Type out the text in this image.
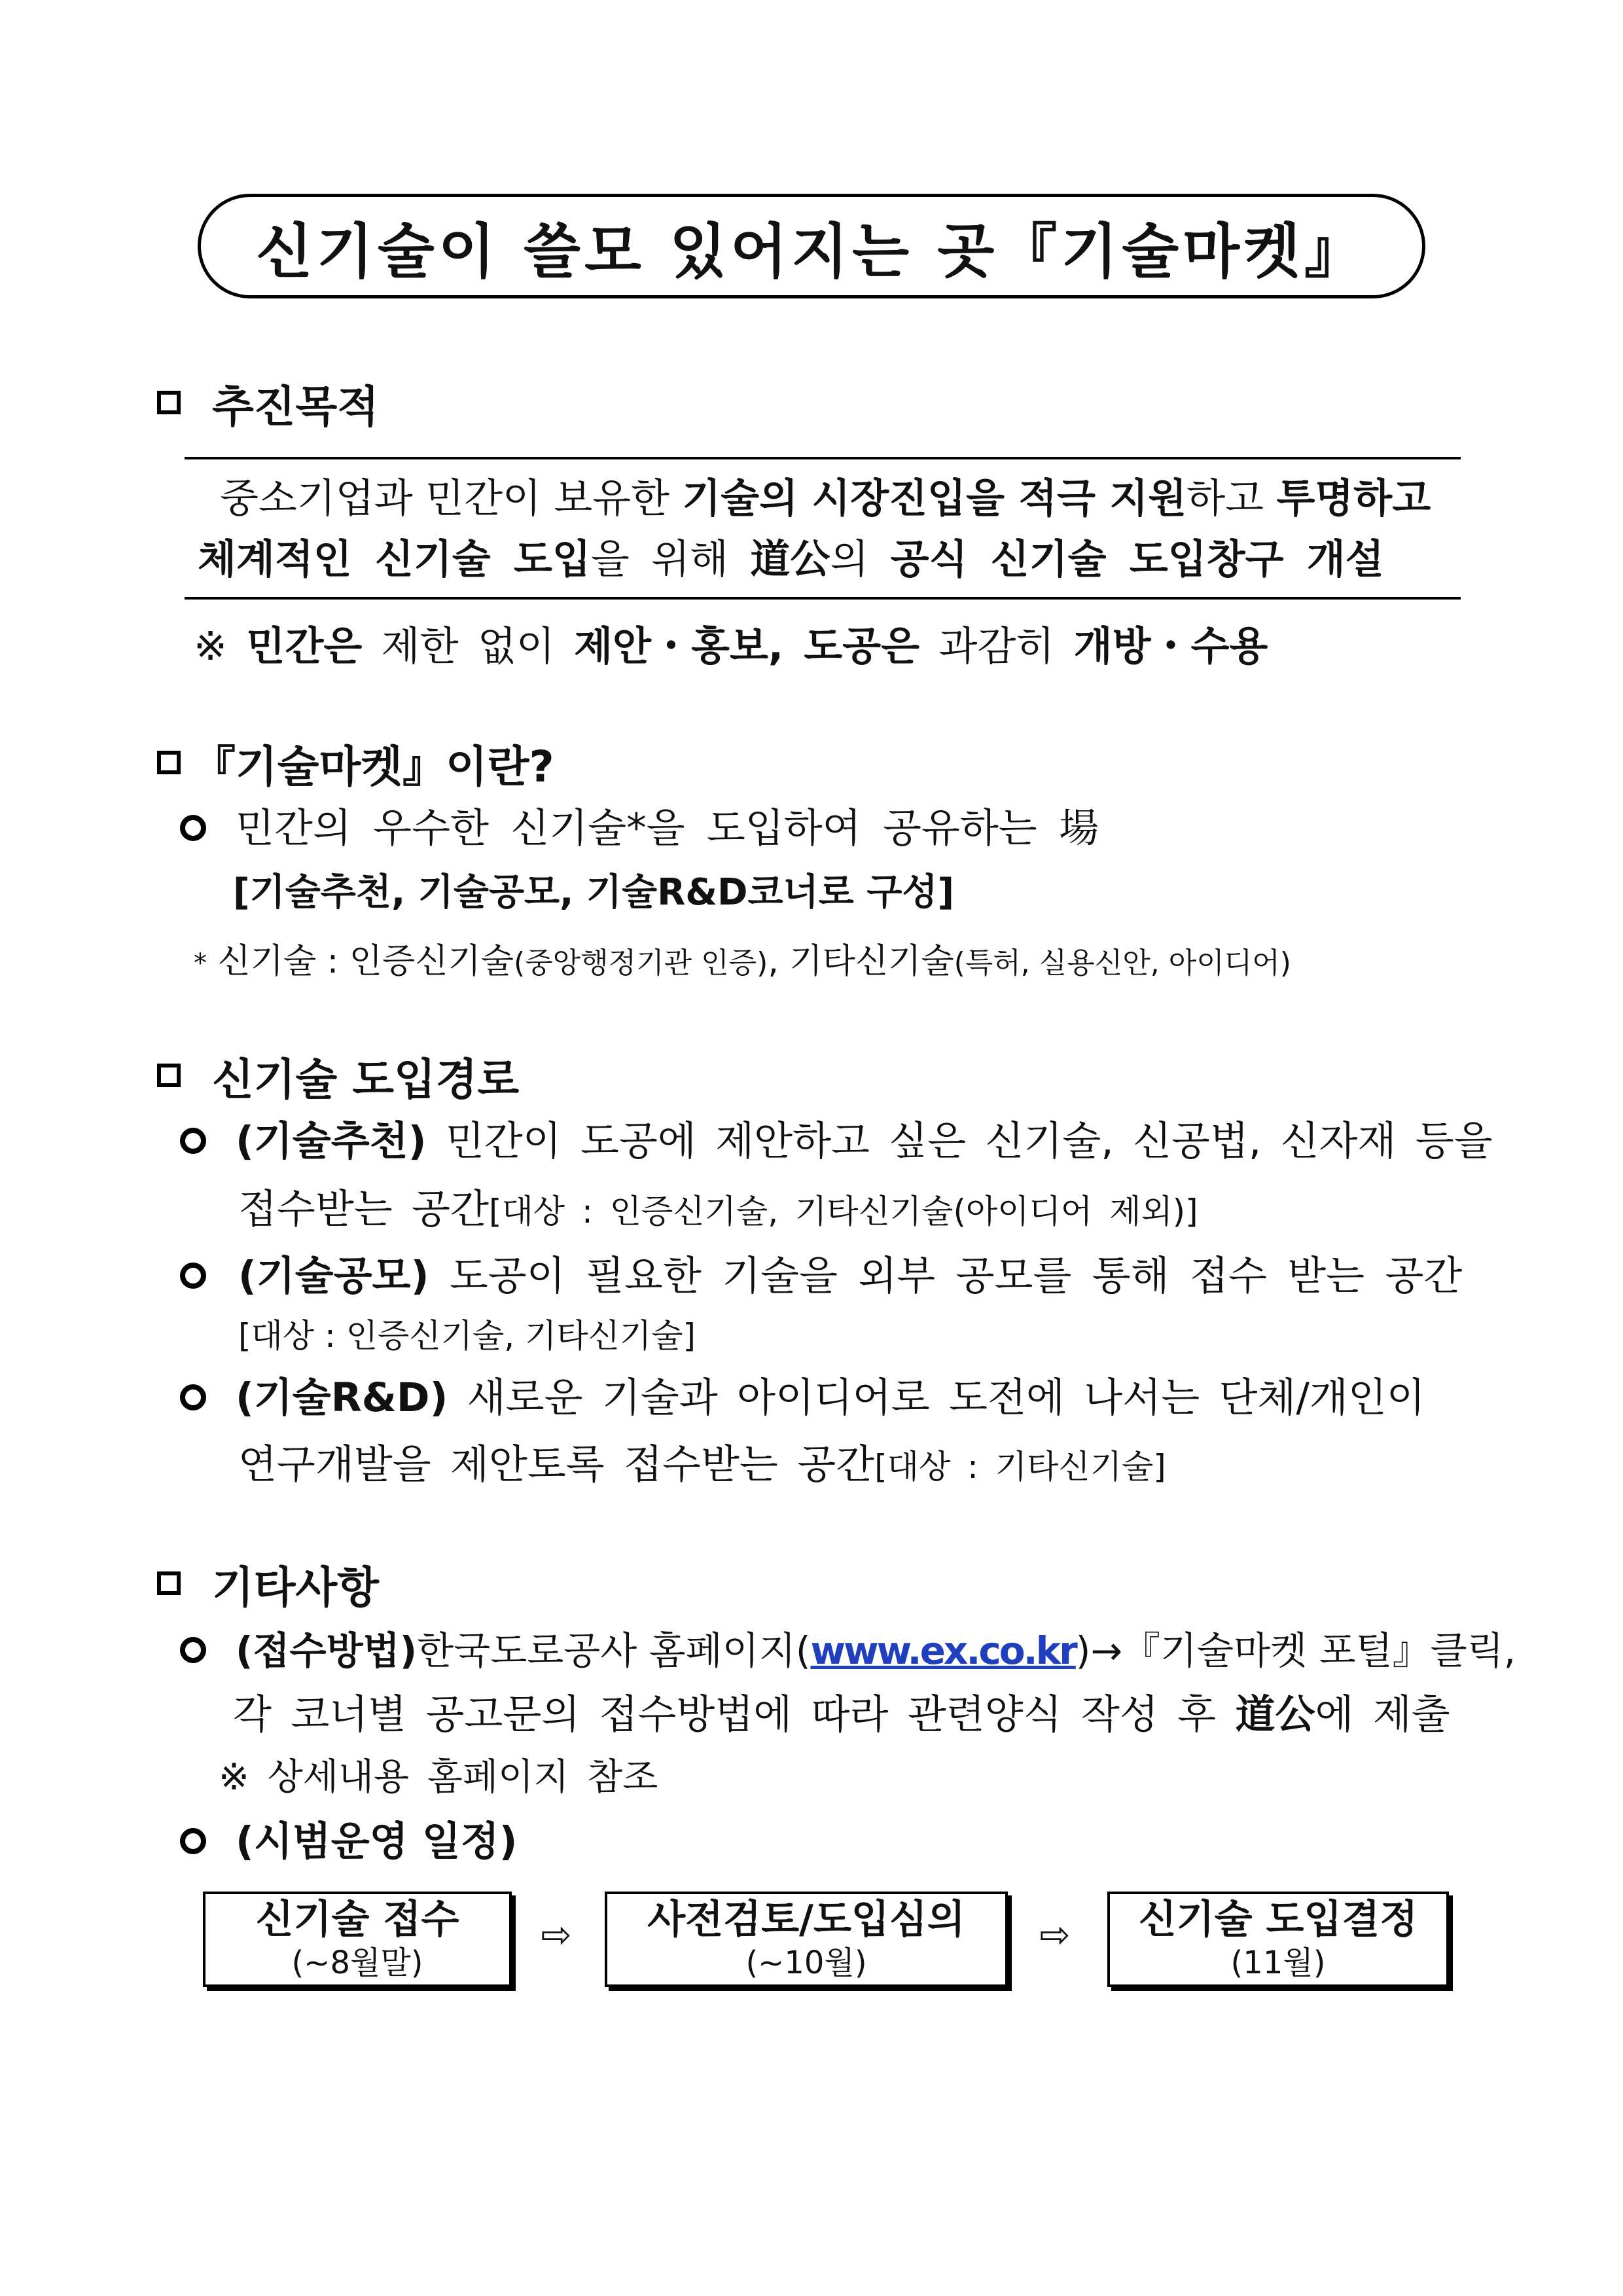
신기술이 쓸모 있어지는 곳『기술마켓』
추진목적
중소기업과 민간이 보유한 기술의 시장진입을 적극 지원하고 투명하고
체계적인 신기술 도입을 위해 道公의 공식 신기술 도입창구 개설
※ 민간은 제한 없이 제안・홍보, 도공은 과감히 개방・수용
『기술마켓』이란?
민간의 우수한 신기술*을 도입하여 공유하는 場
[기술추천, 기술공모, 기술R&D코너로 구성]
* 신기술 : 인증신기술(중앙행정기관 인증), 기타신기술(특허, 실용신안, 아이디어)
신기술 도입경로
(기술추천) 민간이 도공에 제안하고 싶은 신기술, 신공법, 신자재 등을
접수받는 공간[대상 : 인증신기술, 기타신기술(아이디어 제외)]
(기술공모) 도공이 필요한 기술을 외부 공모를 통해 접수 받는 공간
[대상 : 인증신기술, 기타신기술]
(기술R&D) 새로운 기술과 아이디어로 도전에 나서는 단체/개인이
연구개발을 제안토록 접수받는 공간[대상 : 기타신기술]
기타사항
(접수방법)한국도로공사 홈페이지(www.ex.co.kr)→『기술마켓 포털』클릭,
각 코너별 공고문의 접수방법에 따라 관련양식 작성 후 道公에 제출
※ 상세내용 홈페이지 참조
(시범운영 일정)
신기술 접수
(~8월말)
⇨ 사전검토/도입심의
(~10월)
⇨ 신기술 도입결정
(11월)
